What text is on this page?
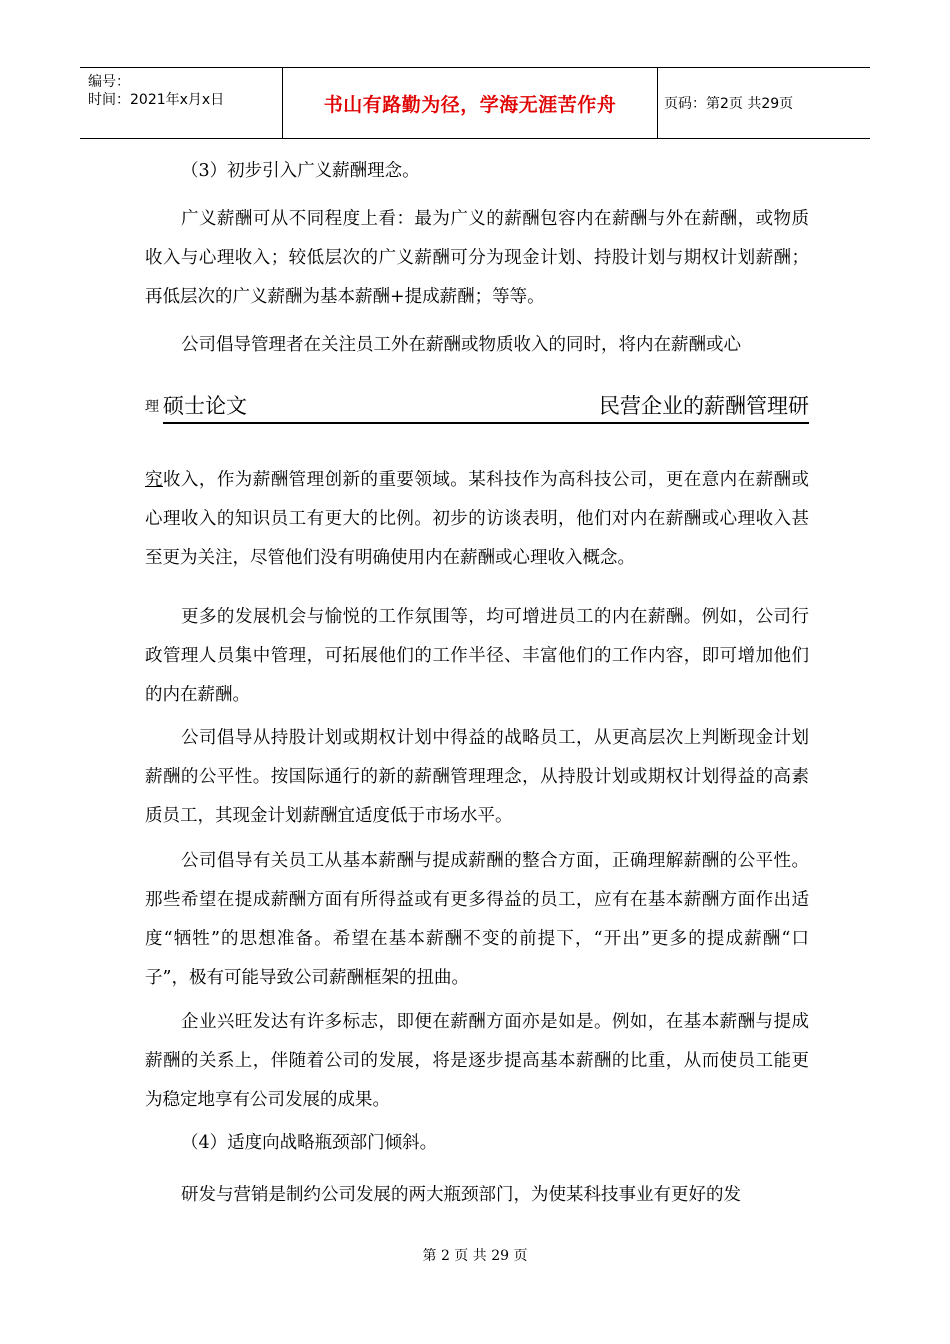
编号：
时间：2021年x月x日	书山有路勤为径，学海无涯苦作舟	页码：第2页 共29页

（3）初步引入广义薪酬理念。

广义薪酬可从不同程度上看：最为广义的薪酬包容内在薪酬与外在薪酬，或物质收入与心理收入；较低层次的广义薪酬可分为现金计划、持股计划与期权计划薪酬；再低层次的广义薪酬为基本薪酬+提成薪酬；等等。

公司倡导管理者在关注员工外在薪酬或物质收入的同时，将内在薪酬或心

理 硕士论文	民营企业的薪酬管理研

究收入，作为薪酬管理创新的重要领域。某科技作为高科技公司，更在意内在薪酬或心理收入的知识员工有更大的比例。初步的访谈表明，他们对内在薪酬或心理收入甚至更为关注，尽管他们没有明确使用内在薪酬或心理收入概念。

更多的发展机会与愉悦的工作氛围等，均可增进员工的内在薪酬。例如，公司行政管理人员集中管理，可拓展他们的工作半径、丰富他们的工作内容，即可增加他们的内在薪酬。

公司倡导从持股计划或期权计划中得益的战略员工，从更高层次上判断现金计划薪酬的公平性。按国际通行的新的薪酬管理理念，从持股计划或期权计划得益的高素质员工，其现金计划薪酬宜适度低于市场水平。

公司倡导有关员工从基本薪酬与提成薪酬的整合方面，正确理解薪酬的公平性。那些希望在提成薪酬方面有所得益或有更多得益的员工，应有在基本薪酬方面作出适度“牺牲”的思想准备。希望在基本薪酬不变的前提下，“开出”更多的提成薪酬“口子”，极有可能导致公司薪酬框架的扭曲。

企业兴旺发达有许多标志，即便在薪酬方面亦是如是。例如，在基本薪酬与提成薪酬的关系上，伴随着公司的发展，将是逐步提高基本薪酬的比重，从而使员工能更为稳定地享有公司发展的成果。

（4）适度向战略瓶颈部门倾斜。

研发与营销是制约公司发展的两大瓶颈部门，为使某科技事业有更好的发

第 2 页 共 29 页
